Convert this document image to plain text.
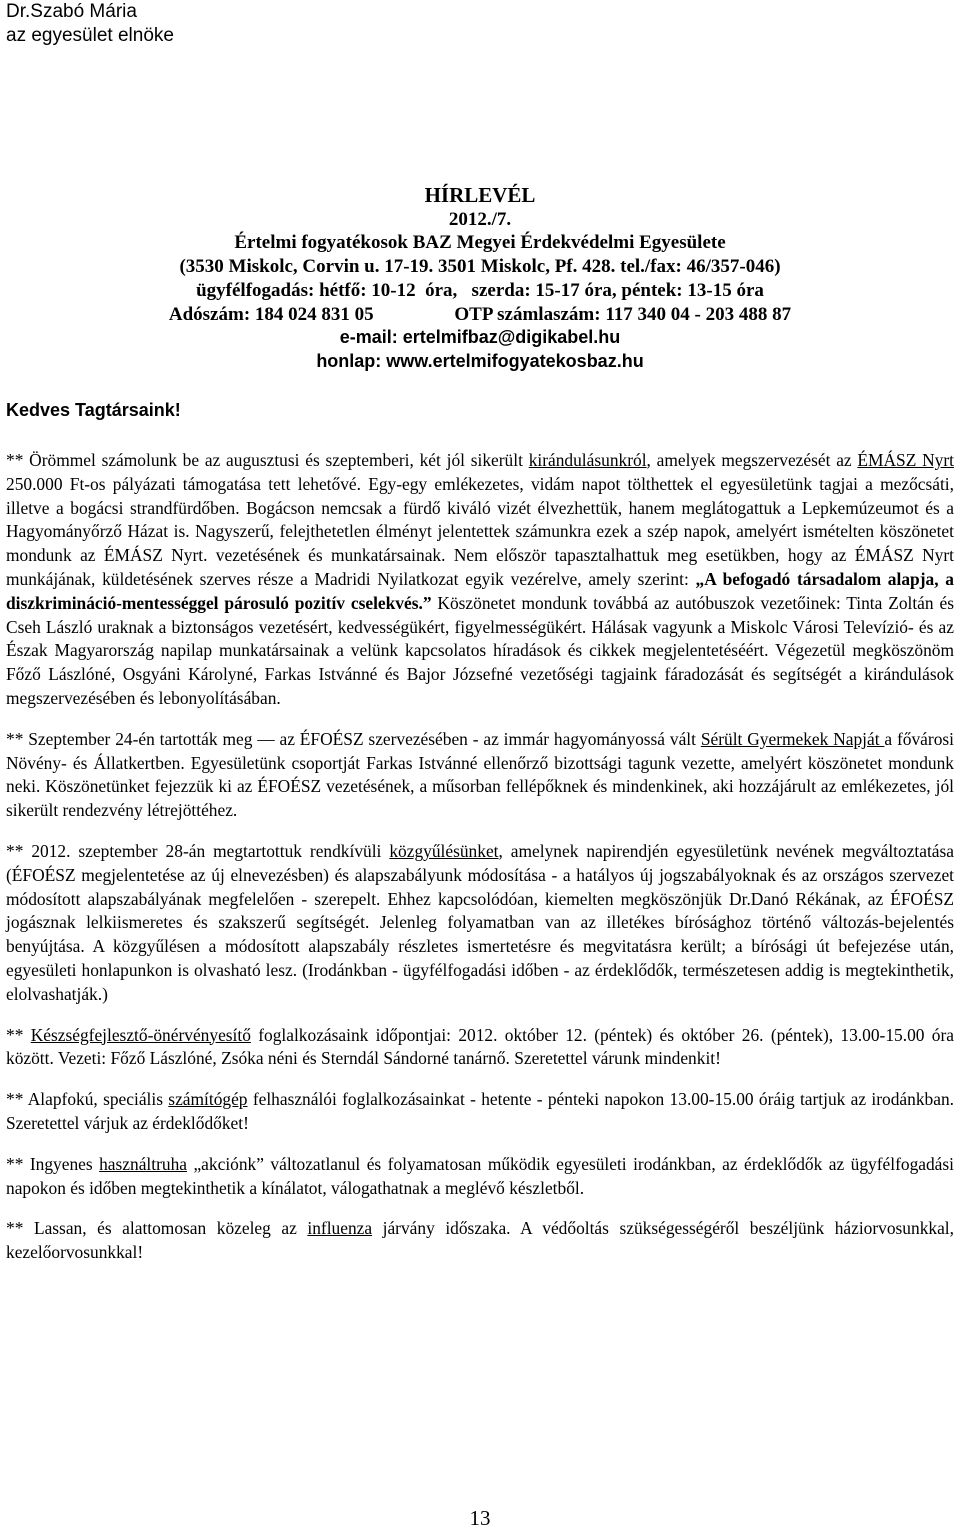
Dr.Szabó Mária
az egyesület elnöke
HÍRLEVÉL
2012./7.
Értelmi fogyatékosok BAZ Megyei Érdekvédelmi Egyesülete
(3530 Miskolc, Corvin u. 17-19. 3501 Miskolc, Pf. 428. tel./fax: 46/357-046)
ügyfélfogadás: hétfő: 10-12  óra,   szerda: 15-17 óra, péntek: 13-15 óra
Adószám: 184 024 831 05                 OTP számlaszám: 117 340 04 - 203 488 87
e-mail: ertelmifbaz@digikabel.hu
honlap: www.ertelmifogyatekosbaz.hu
Kedves Tagtársaink!

** Örömmel számolunk be az augusztusi és szeptemberi, két jól sikerült kirándulásunkról, amelyek megszervezését az ÉMÁSZ Nyrt 250.000 Ft-os pályázati támogatása tett lehetővé. Egy-egy emlékezetes, vidám napot tölthettek el egyesületünk tagjai a mezőcsáti, illetve a bogácsi strandfürdőben. Bogácson nemcsak a fürdő kiváló vizét élvezhettük, hanem meglátogattuk a Lepkemúzeumot és a Hagyományőrző Házat is. Nagyszerű, felejthetetlen élményt jelentettek számunkra ezek a szép napok, amelyért ismételten köszönetet mondunk az ÉMÁSZ Nyrt. vezetésének és munkatársainak. Nem először tapasztalhattuk meg esetükben, hogy az ÉMÁSZ Nyrt munkájának, küldetésének szerves része a Madridi Nyilatkozat egyik vezérelve, amely szerint: „A befogadó társadalom alapja, a diszkrimináció-mentességgel párosuló pozitív cselekvés.” Köszönetet mondunk továbbá az autóbuszok vezetőinek: Tinta Zoltán és Cseh László uraknak a biztonságos vezetésért, kedvességükért, figyelmességükért. Hálásak vagyunk a Miskolc Városi Televízió- és az Észak Magyarország napilap munkatársainak a velünk kapcsolatos híradások és cikkek megjelentetéséért. Végezetül megköszönöm Főző Lászlóné, Osgyáni Károlyné, Farkas Istvánné és Bajor Józsefné vezetőségi tagjaink fáradozását és segítségét a kirándulások megszervezésében és lebonyolításában.

** Szeptember 24-én tartották meg — az ÉFOÉSZ szervezésében - az immár hagyományossá vált Sérült Gyermekek Napját a fővárosi Növény- és Állatkertben. Egyesületünk csoportját Farkas Istvánné ellenőrző bizottsági tagunk vezette, amelyért köszönetet mondunk neki. Köszönetünket fejezzük ki az ÉFOÉSZ vezetésének, a műsorban fellépőknek és mindenkinek, aki hozzájárult az emlékezetes, jól sikerült rendezvény létrejöttéhez.

** 2012. szeptember 28-án megtartottuk rendkívüli közgyűlésünket, amelynek napirendjén egyesületünk nevének megváltoztatása (ÉFOÉSZ megjelentetése az új elnevezésben) és alapszabályunk módosítása - a hatályos új jogszabályoknak és az országos szervezet módosított alapszabályának megfelelően - szerepelt. Ehhez kapcsolódóan, kiemelten megköszönjük Dr.Danó Rékának, az ÉFOÉSZ jogásznak lelkiismeretes és szakszerű segítségét. Jelenleg folyamatban van az illetékes bírósághoz történő változás-bejelentés benyújtása. A közgyűlésen a módosított alapszabály részletes ismertetésre és megvitatásra került; a bírósági út befejezése után, egyesületi honlapunkon is olvasható lesz. (Irodánkban - ügyfélfogadási időben - az érdeklődők, természetesen addig is megtekinthetik, elolvashatják.)

** Készségfejlesztő-önérvényesítő foglalkozásaink időpontjai: 2012. október 12. (péntek) és október 26. (péntek), 13.00-15.00 óra között. Vezeti: Főző Lászlóné, Zsóka néni és Sterndál Sándorné tanárnő. Szeretettel várunk mindenkit!

** Alapfokú, speciális számítógép felhasználói foglalkozásainkat - hetente - pénteki napokon 13.00-15.00 óráig tartjuk az irodánkban. Szeretettel várjuk az érdeklődőket!

** Ingyenes használtruha „akciónk” változatlanul és folyamatosan működik egyesületi irodánkban, az érdeklődők az ügyfélfogadási napokon és időben megtekinthetik a kínálatot, válogathatnak a meglévő készletből.

** Lassan, és alattomosan közeleg az influenza járvány időszaka. A védőoltás szükségességéről beszéljünk háziorvosunkkal, kezelőorvosunkkal!

13
